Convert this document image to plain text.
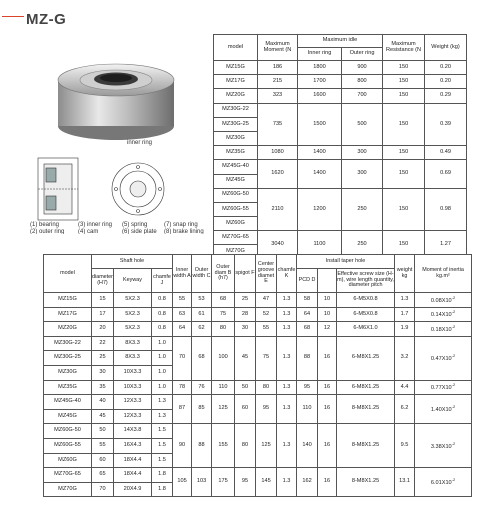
MZ-G
inner ring
(1) bearing
(2) outer ring
(3) inner ring
(4) cam
(5) spring
(6) side plate
(7) snap ring
(8) brake lining
model	Maximum Moment (N	Maximum idle		Maximum Resistance (N	Weight (kg)
		Inner ring	Outer ring		
MZ15G	186	1800	900	150	0.20
MZ17G	215	1700	800	150	0.20
MZ20G	323	1600	700	150	0.29
MZ30G-22	735	1500	500	150	0.39
MZ30G-25					
MZ30G					
MZ35G	1080	1400	300	150	0.49
MZ45G-40	1620	1400	300	150	0.69
MZ45G					
MZ60G-50	2110	1200	250	150	0.98
MZ60G-55					
MZ60G					
MZ70G-65	3040	1100	250	150	1.27
MZ70G					
model	Shaft hole			Inner width A	Outer width C	Outer diam B (h7)	spigot F	Center groove diamet E	chamfe K	Install taper hole			weight kg	Moment of inertia kg.m²
	diameter (H7)	Keyway	chamfe J							PCD D		Effective screw size (H-m), wire length quantity, diameter pitch		
MZ15G	15	5X2.3	0.8	55	53	68	25	47	1.3	58	10	6-M5X0.8	1.3	$0.08X10^{-2}$
MZ17G	17	5X2.3	0.8	63	61	75	28	52	1.3	64	10	6-M5X0.8	1.7	$0.14X10^{-2}$
MZ20G	20	5X2.3	0.8	64	62	80	30	55	1.3	68	12	6-M6X1.0	1.9	$0.18X10^{-2}$
MZ30G-22	22	8X3.3	1.0	70	68	100	45	75	1.3	88	16	6-M8X1.25	3.2	$0.47X10^{-2}$
MZ30G-25	25	8X3.3	1.0											
MZ30G	30	10X3.3	1.0											
MZ35G	35	10X3.3	1.0	78	76	110	50	80	1.3	95	16	6-M8X1.25	4.4	$0.77X10^{-2}$
MZ45G-40	40	12X3.3	1.3	87	85	125	60	95	1.3	110	16	8-M8X1.25	6.2	$1.40X10^{-2}$
MZ45G	45	12X3.3	1.3											
MZ60G-50	50	14X3.8	1.5	90	88	155	80	125	1.3	140	16	8-M8X1.25	9.5	$3.38X10^{-2}$
MZ60G-55	55	16X4.3	1.5											
MZ60G	60	18X4.4	1.5											
MZ70G-65	65	18X4.4	1.8	105	103	175	95	145	1.3	162	16	8-M8X1.25	13.1	$6.01X10^{-2}$
MZ70G	70	20X4.9	1.8											
